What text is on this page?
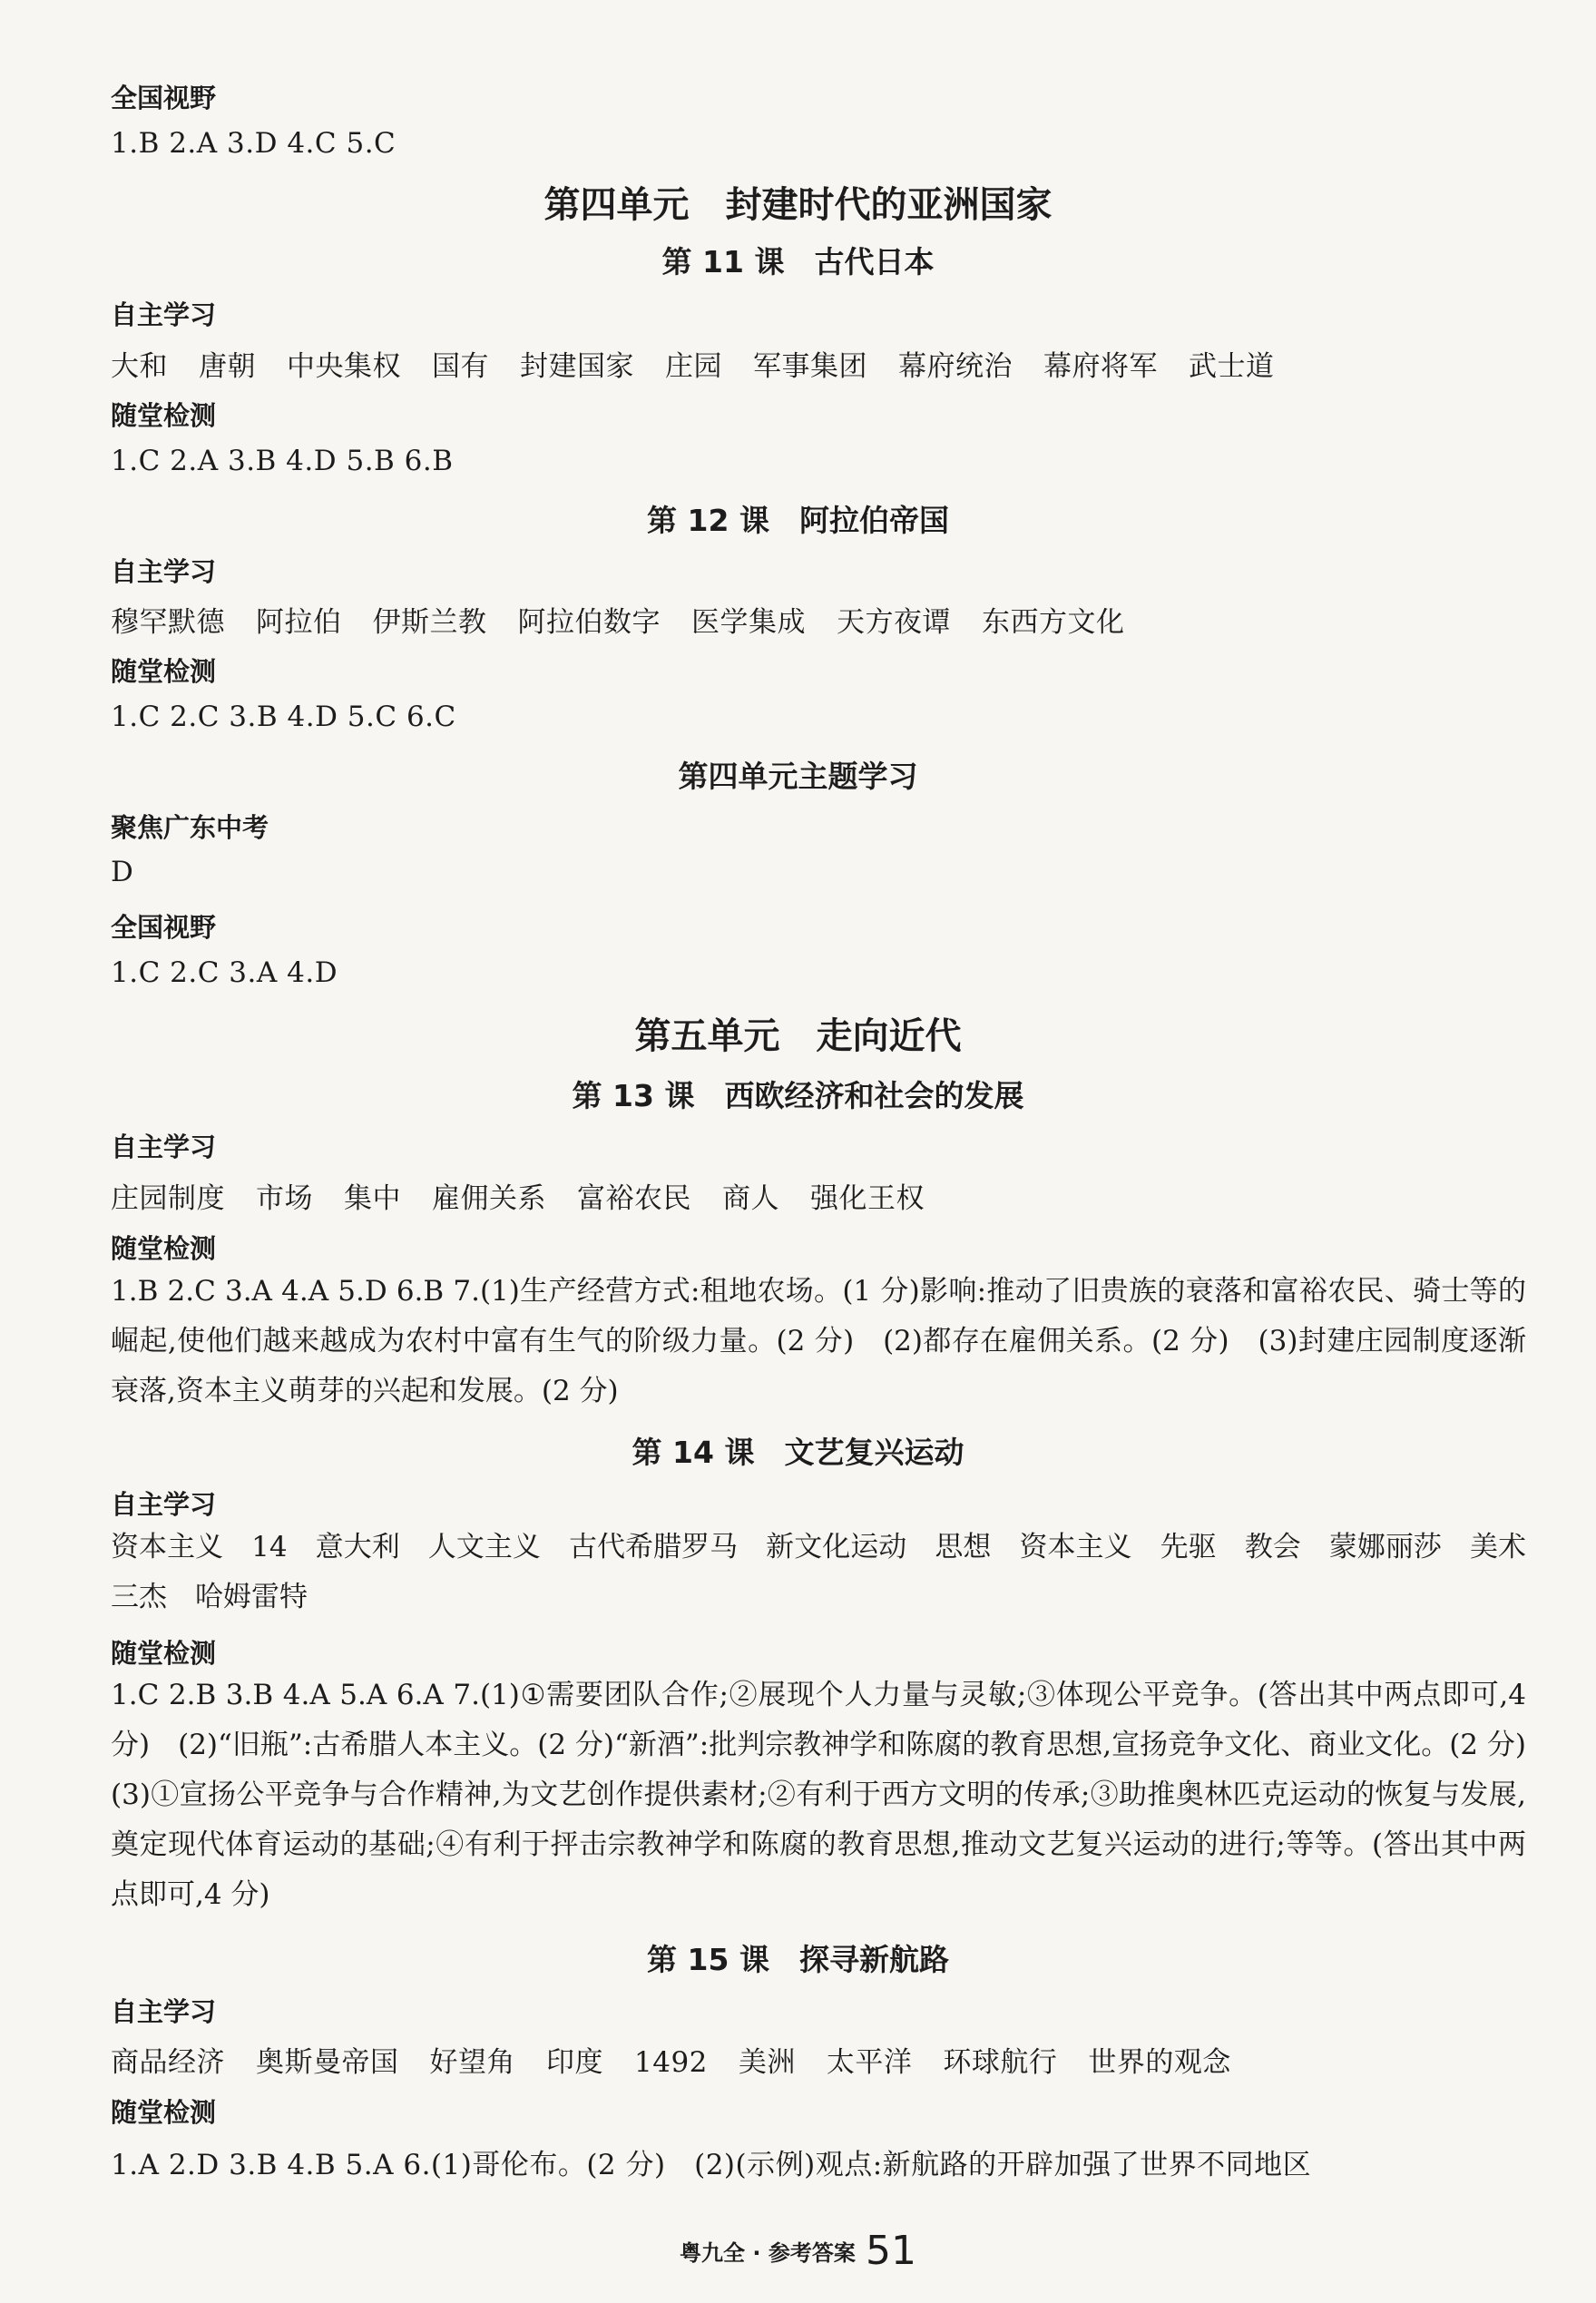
全国视野
1.B 2.A 3.D 4.C 5.C
第四单元　封建时代的亚洲国家
第 11 课　古代日本
自主学习
大和 唐朝 中央集权 国有 封建国家 庄园 军事集团 幕府统治 幕府将军 武士道
随堂检测
1.C 2.A 3.B 4.D 5.B 6.B
第 12 课　阿拉伯帝国
自主学习
穆罕默德 阿拉伯 伊斯兰教 阿拉伯数字 医学集成 天方夜谭 东西方文化
随堂检测
1.C 2.C 3.B 4.D 5.C 6.C
第四单元主题学习
聚焦广东中考
D
全国视野
1.C 2.C 3.A 4.D
第五单元　走向近代
第 13 课　西欧经济和社会的发展
自主学习
庄园制度 市场 集中 雇佣关系 富裕农民 商人 强化王权
随堂检测
1.B 2.C 3.A 4.A 5.D 6.B 7.(1)生产经营方式:租地农场。(1 分)影响:推动了旧贵族的衰落和富裕农民、骑士等的崛起,使他们越来越成为农村中富有生气的阶级力量。(2 分)　(2)都存在雇佣关系。(2 分)　(3)封建庄园制度逐渐衰落,资本主义萌芽的兴起和发展。(2 分)
第 14 课　文艺复兴运动
自主学习
资本主义　14　意大利　人文主义　古代希腊罗马　新文化运动　思想　资本主义　先驱　教会　蒙娜丽莎　美术三杰　哈姆雷特
随堂检测
1.C 2.B 3.B 4.A 5.A 6.A 7.(1)①需要团队合作;②展现个人力量与灵敏;③体现公平竞争。(答出其中两点即可,4 分)　(2)“旧瓶”:古希腊人本主义。(2 分)“新酒”:批判宗教神学和陈腐的教育思想,宣扬竞争文化、商业文化。(2 分)　(3)①宣扬公平竞争与合作精神,为文艺创作提供素材;②有利于西方文明的传承;③助推奥林匹克运动的恢复与发展,奠定现代体育运动的基础;④有利于抨击宗教神学和陈腐的教育思想,推动文艺复兴运动的进行;等等。(答出其中两点即可,4 分)
第 15 课　探寻新航路
自主学习
商品经济 奥斯曼帝国 好望角 印度 1492 美洲 太平洋 环球航行 世界的观念
随堂检测
1.A 2.D 3.B 4.B 5.A 6.(1)哥伦布。(2 分)　(2)(示例)观点:新航路的开辟加强了世界不同地区
粤九全 · 参考答案 51
